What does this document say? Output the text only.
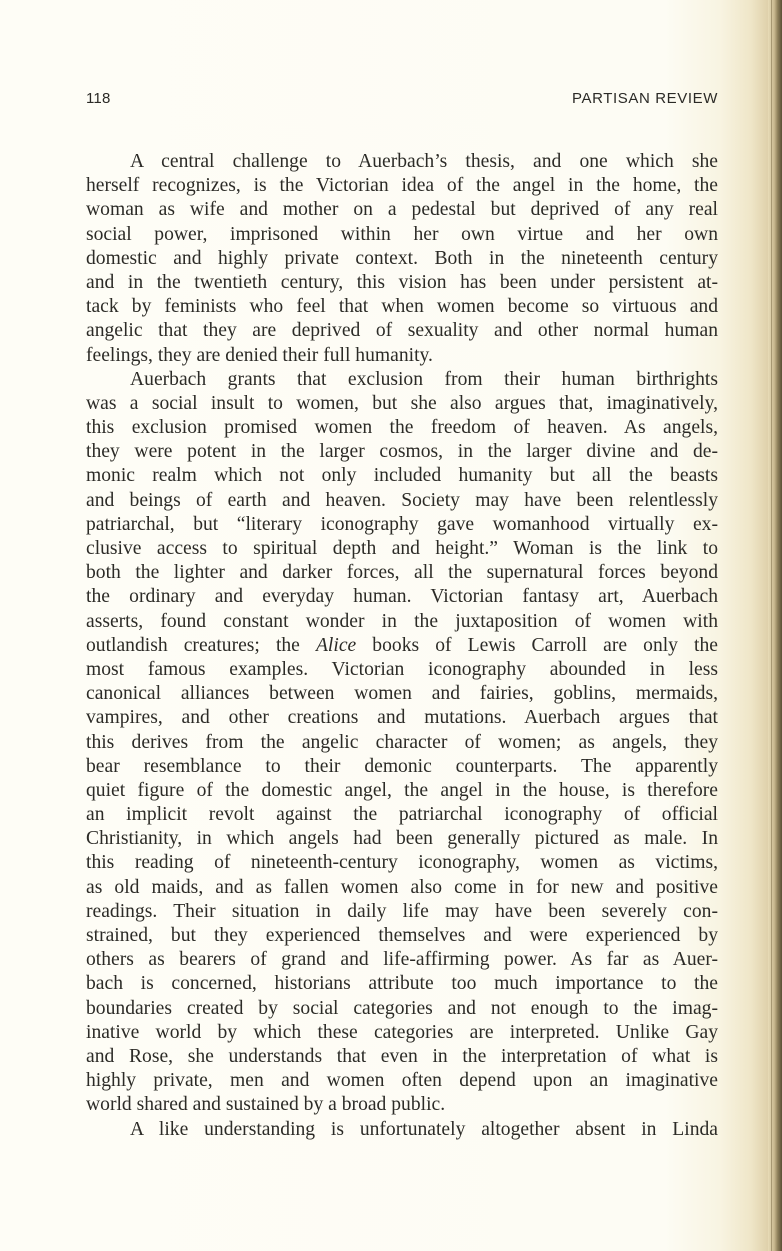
118	PARTISAN REVIEW
A central challenge to Auerbach’s thesis, and one which she
herself recognizes, is the Victorian idea of the angel in the home, the
woman as wife and mother on a pedestal but deprived of any real
social power, imprisoned within her own virtue and her own
domestic and highly private context. Both in the nineteenth century
and in the twentieth century, this vision has been under persistent at-
tack by feminists who feel that when women become so virtuous and
angelic that they are deprived of sexuality and other normal human
feelings, they are denied their full humanity.
Auerbach grants that exclusion from their human birthrights
was a social insult to women, but she also argues that, imaginatively,
this exclusion promised women the freedom of heaven. As angels,
they were potent in the larger cosmos, in the larger divine and de-
monic realm which not only included humanity but all the beasts
and beings of earth and heaven. Society may have been relentlessly
patriarchal, but “literary iconography gave womanhood virtually ex-
clusive access to spiritual depth and height.” Woman is the link to
both the lighter and darker forces, all the supernatural forces beyond
the ordinary and everyday human. Victorian fantasy art, Auerbach
asserts, found constant wonder in the juxtaposition of women with
outlandish creatures; the Alice books of Lewis Carroll are only the
most famous examples. Victorian iconography abounded in less
canonical alliances between women and fairies, goblins, mermaids,
vampires, and other creations and mutations. Auerbach argues that
this derives from the angelic character of women; as angels, they
bear resemblance to their demonic counterparts. The apparently
quiet figure of the domestic angel, the angel in the house, is therefore
an implicit revolt against the patriarchal iconography of official
Christianity, in which angels had been generally pictured as male. In
this reading of nineteenth-century iconography, women as victims,
as old maids, and as fallen women also come in for new and positive
readings. Their situation in daily life may have been severely con-
strained, but they experienced themselves and were experienced by
others as bearers of grand and life-affirming power. As far as Auer-
bach is concerned, historians attribute too much importance to the
boundaries created by social categories and not enough to the imag-
inative world by which these categories are interpreted. Unlike Gay
and Rose, she understands that even in the interpretation of what is
highly private, men and women often depend upon an imaginative
world shared and sustained by a broad public.
A like understanding is unfortunately altogether absent in Linda
